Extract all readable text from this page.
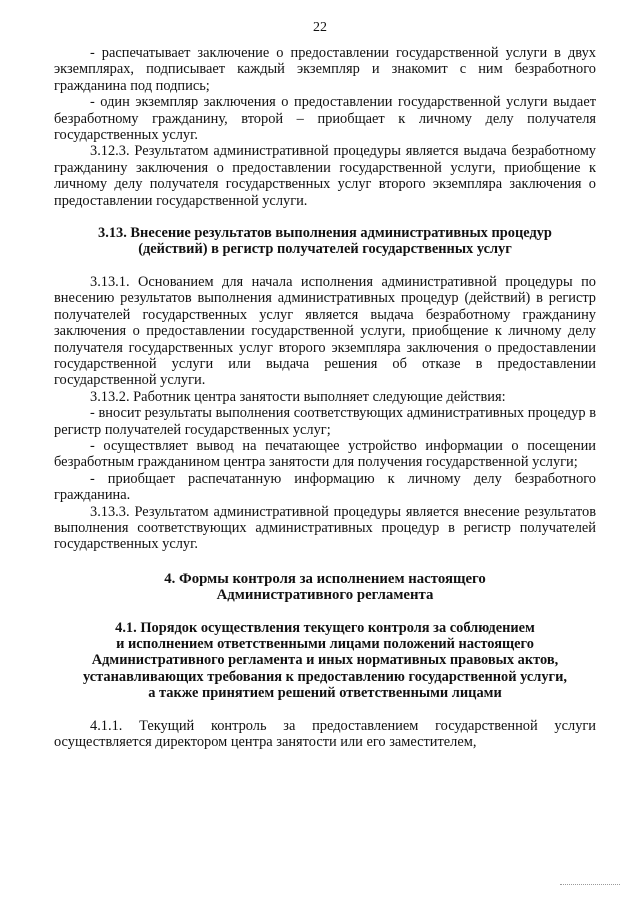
22

- распечатывает заключение о предоставлении государственной услуги в двух экземплярах, подписывает каждый экземпляр и знакомит с ним безработного гражданина под подпись;

- один экземпляр заключения о предоставлении государственной услуги выдает безработному гражданину, второй – приобщает к личному делу получателя государственных услуг.

3.12.3. Результатом административной процедуры является выдача безработному гражданину заключения о предоставлении государственной услуги, приобщение к личному делу получателя государственных услуг второго экземпляра заключения о предоставлении государственной услуги.

3.13. Внесение результатов выполнения административных процедур
(действий) в регистр получателей государственных услуг

3.13.1. Основанием для начала исполнения административной процедуры по внесению результатов выполнения административных процедур (действий) в регистр получателей государственных услуг является выдача безработному гражданину заключения о предоставлении государственной услуги, приобщение к личному делу получателя государственных услуг второго экземпляра заключения о предоставлении государственной услуги или выдача решения об отказе в предоставлении государственной услуги.

3.13.2. Работник центра занятости выполняет следующие действия:

- вносит результаты выполнения соответствующих административных процедур в регистр получателей государственных услуг;

- осуществляет вывод на печатающее устройство информации о посещении безработным гражданином центра занятости для получения государственной услуги;

- приобщает распечатанную информацию к личному делу безработного гражданина.

3.13.3. Результатом административной процедуры является внесение результатов выполнения соответствующих административных процедур в регистр получателей государственных услуг.

4. Формы контроля за исполнением настоящего
Административного регламента
4.1. Порядок осуществления текущего контроля за соблюдением
и исполнением ответственными лицами положений настоящего
Административного регламента и иных нормативных правовых актов,
устанавливающих требования к предоставлению государственной услуги,
а также принятием решений ответственными лицами

4.1.1. Текущий контроль за предоставлением государственной услуги осуществляется директором центра занятости или его заместителем,
